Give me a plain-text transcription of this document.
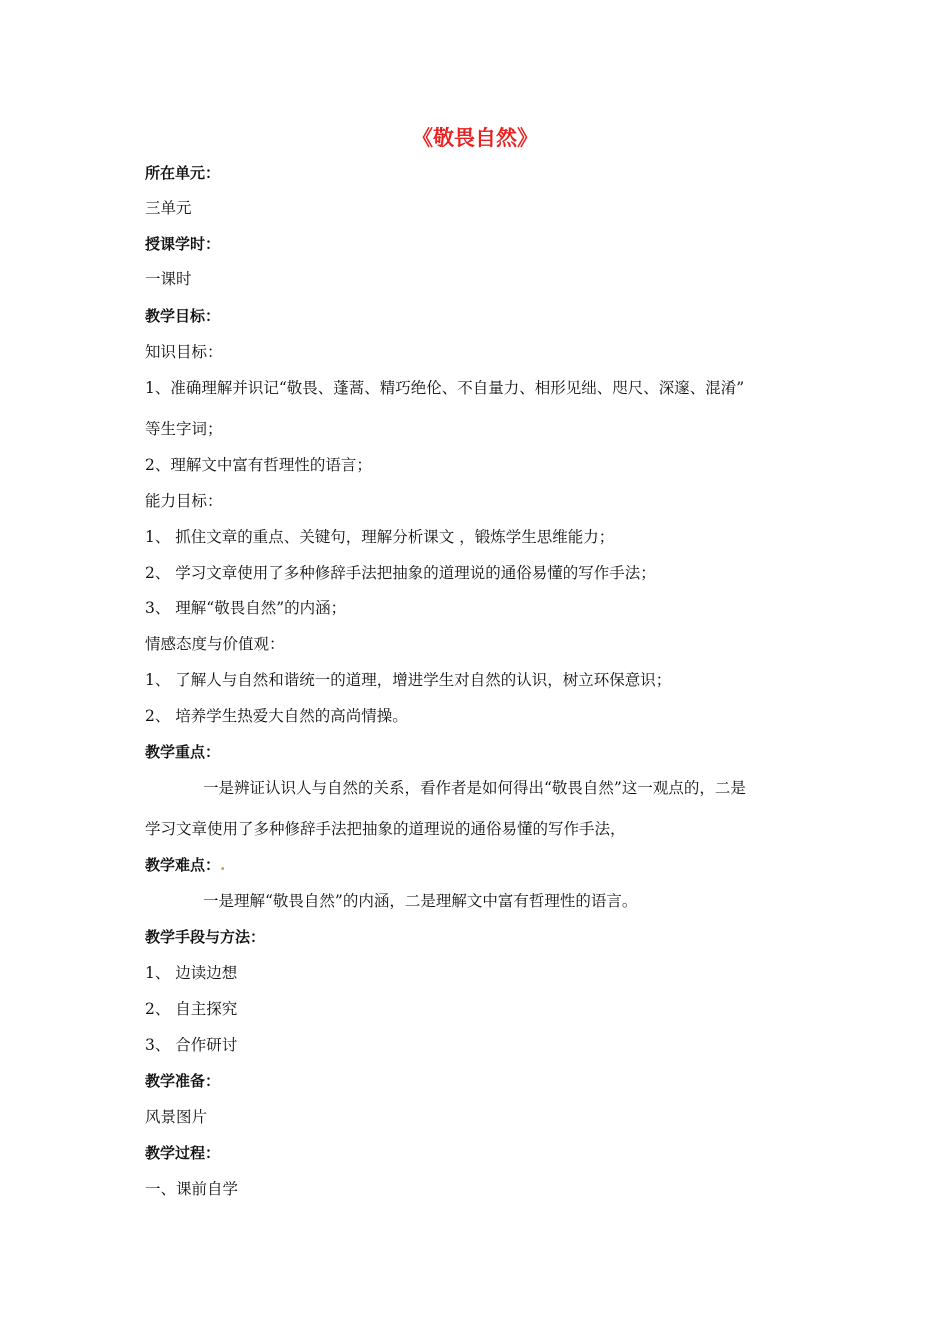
《敬畏自然》
所在单元：
三单元
授课学时：
一课时
教学目标：
知识目标：
1、准确理解并识记“敬畏、蓬蒿、精巧绝伦、不自量力、相形见绌、咫尺、深邃、混淆”
等生字词；
2、理解文中富有哲理性的语言；
能力目标：
1、 抓住文章的重点、关键句，理解分析课文 ，锻炼学生思维能力；
2、 学习文章使用了多种修辞手法把抽象的道理说的通俗易懂的写作手法；
3、 理解“敬畏自然”的内涵；
情感态度与价值观：
1、 了解人与自然和谐统一的道理，增进学生对自然的认识，树立环保意识；
2、 培养学生热爱大自然的高尚情操。
教学重点：
一是辨证认识人与自然的关系，看作者是如何得出“敬畏自然”这一观点的，二是
学习文章使用了多种修辞手法把抽象的道理说的通俗易懂的写作手法，
教学难点：.
一是理解“敬畏自然”的内涵，二是理解文中富有哲理性的语言。
教学手段与方法：
1、 边读边想
2、 自主探究
3、 合作研讨
教学准备：
风景图片
教学过程：
一、课前自学
